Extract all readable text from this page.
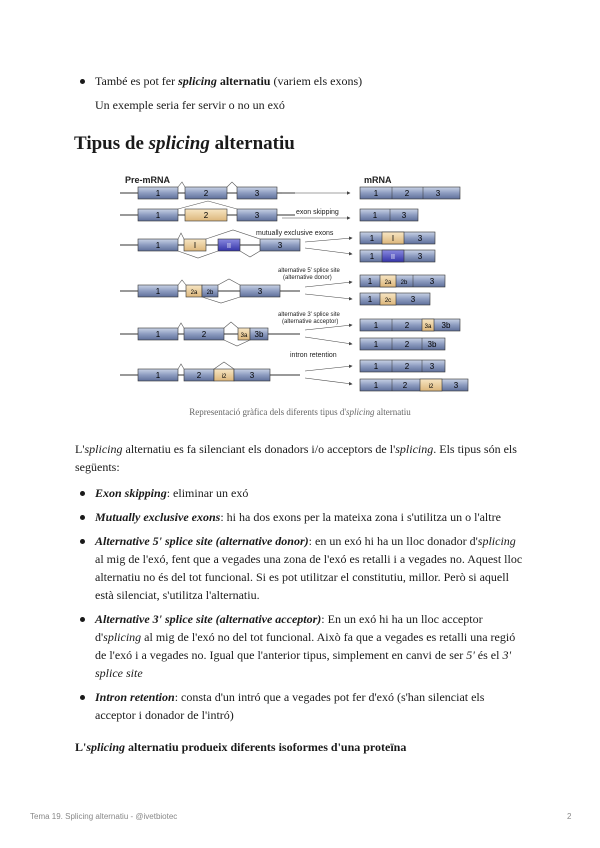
També es pot fer splicing alternatiu (variem els exons)
Un exemple seria fer servir o no un exó
Tipus de splicing alternatiu
Pre-mRNA	mRNA
1	2	3	1	2	3
1	2	3	exon skipping	1	3
1	I	II	3
mutually exclusive exons
1 I	3
1 II	3
1	2a 2b	3
alternative 5' splice site
(alternative donor)	1 2a 2b	3
1 2c 3
1	2	3a 3b
alternative 3' splice site
(alternative acceptor)	1	2	3a 3b
1	2 3b
1	2	i2	3
intron retention
1	2	3
1	2	i2	3
Representació gràfica dels diferents tipus d'splicing alternatiu
L'splicing alternatiu es fa silenciant els donadors i/o acceptors de l'splicing. Els tipus són els següents:
Exon skipping: eliminar un exó
Mutually exclusive exons: hi ha dos exons per la mateixa zona i s'utilitza un o l'altre
Alternative 5' splice site (alternative donor): en un exó hi ha un lloc donador d'splicing al mig de l'exó, fent que a vegades una zona de l'exó es retalli i a vegades no. Aquest lloc alternatiu no és del tot funcional. Si es pot utilitzar el constitutiu, millor. Però si aquell està silenciat, s'utilitza l'alternatiu.
Alternative 3' splice site (alternative acceptor): En un exó hi ha un lloc acceptor d'splicing al mig de l'exó no del tot funcional. Això fa que a vegades es retalli una regió de l'exó i a vegades no. Igual que l'anterior tipus, simplement en canvi de ser 5' és el 3' splice site
Intron retention: consta d'un intró que a vegades pot fer d'exó (s'han silenciat els acceptor i donador de l'intró)
L'splicing alternatiu produeix diferents isoformes d'una proteïna
Tema 19. Splicing alternatiu - @ivetbiotec	2
